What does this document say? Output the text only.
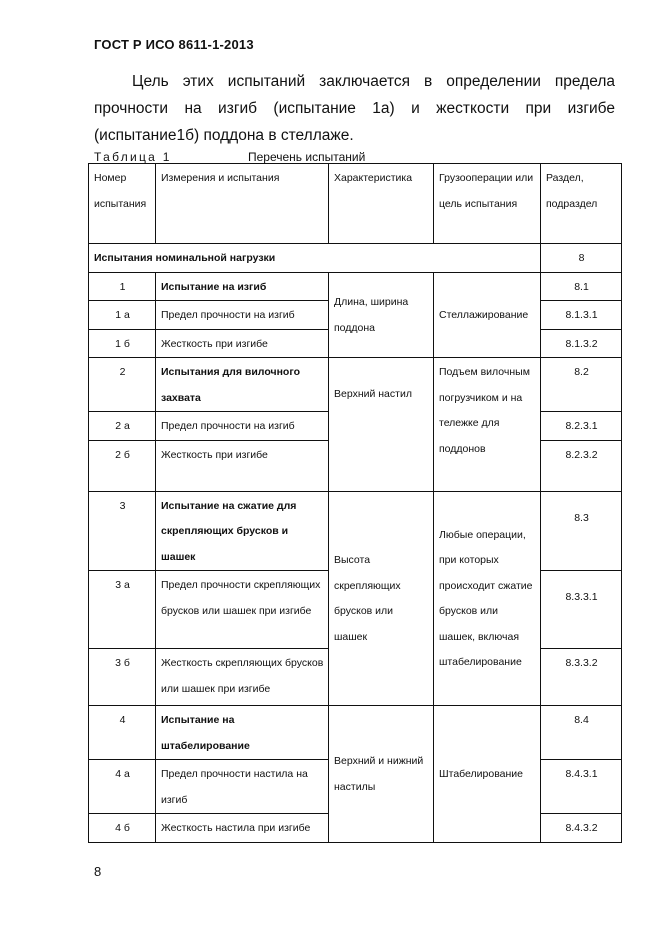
ГОСТ Р ИСО 8611-1-2013

Цель этих испытаний заключается в определении предела
прочности на изгиб (испытание 1а) и жесткости при изгибе
(испытание1б) поддона в стеллаже.

Таблица 1	Перечень испытаний
Номер испытания	Измерения и испытания	Характеристика	Грузооперации или цель испытания	Раздел, подраздел
Испытания номинальной нагрузки				8
1	Испытание на изгиб	Длина, ширина поддона	Стеллажирование	8.1
1 а	Предел прочности на изгиб			8.1.3.1
1 б	Жесткость при изгибе			8.1.3.2
2	Испытания для вилочного захвата	Верхний настил	Подъем вилочным погрузчиком и на тележке для поддонов	8.2
2 а	Предел прочности на изгиб			8.2.3.1
2 б	Жесткость при изгибе			8.2.3.2
3	Испытание на сжатие для скрепляющих брусков и шашек	Высота скрепляющих брусков или шашек	Любые операции, при которых происходит сжатие брусков или шашек, включая штабелирование	8.3
3 а	Предел прочности скрепляющих брусков или шашек при изгибе			8.3.3.1
3 б	Жесткость скрепляющих брусков или шашек при изгибе			8.3.3.2
4	Испытание на штабелирование	Верхний и нижний настилы	Штабелирование	8.4
4 а	Предел прочности настила на изгиб			8.4.3.1
4 б	Жесткость настила при изгибе			8.4.3.2
8
